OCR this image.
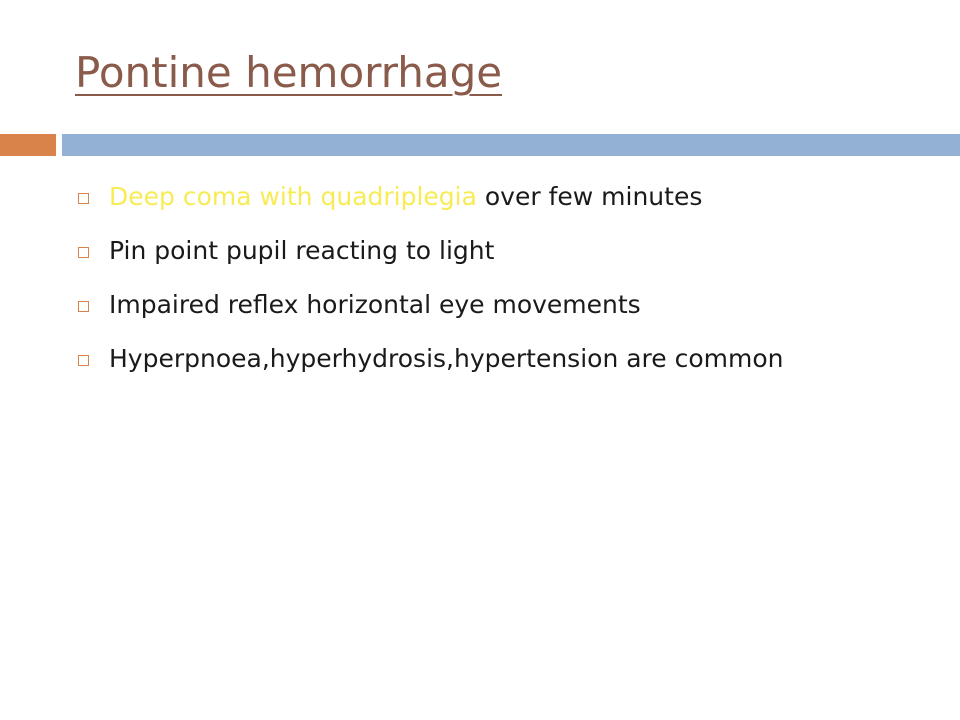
Pontine hemorrhage
Deep coma with quadriplegia over few minutes
Pin point pupil reacting to light
Impaired reflex horizontal eye movements
Hyperpnoea,hyperhydrosis,hypertension are common
